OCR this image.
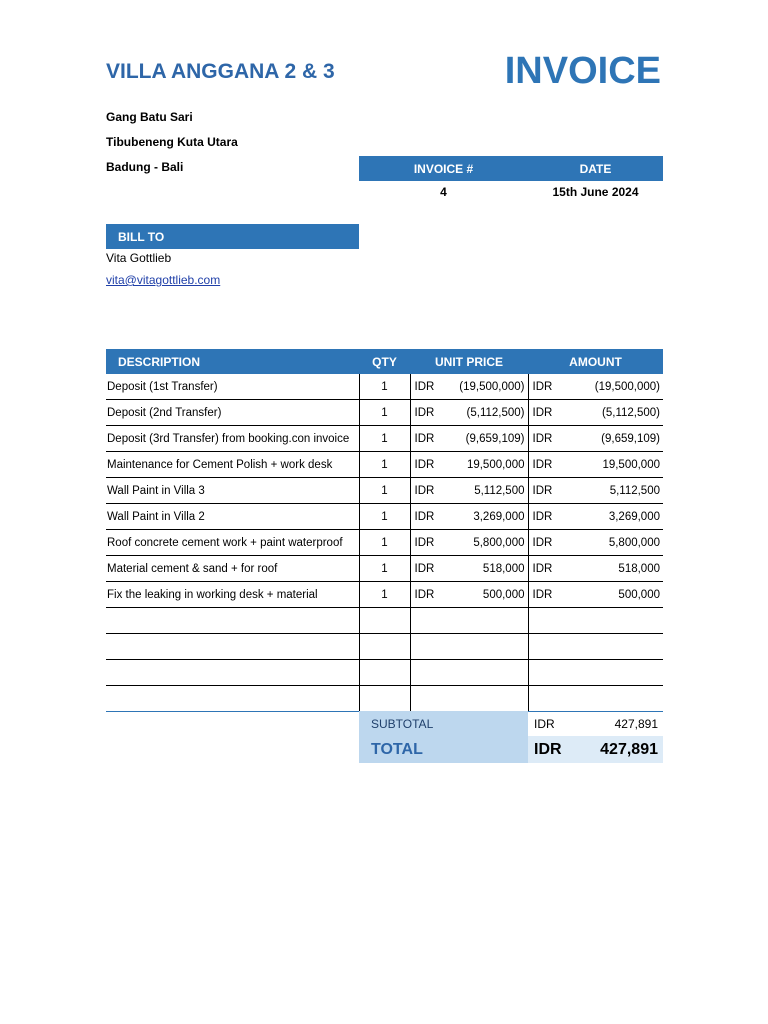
VILLA ANGGANA 2 & 3	INVOICE
Gang Batu Sari
Tibubeneng Kuta Utara
Badung - Bali	INVOICE #	DATE
4	15th June 2024
BILL TO
Vita Gottlieb
vita@vitagottlieb.com
DESCRIPTION	QTY	UNIT PRICE	AMOUNT
Deposit (1st Transfer)	1	IDR (19,500,000)	IDR (19,500,000)

Deposit (2nd Transfer)	1	IDR (5,112,500)	IDR (5,112,500)

Deposit (3rd Transfer) from booking.con invoice	1	IDR (9,659,109)	IDR (9,659,109)

Maintenance for Cement Polish + work desk	1	IDR 19,500,000	IDR 19,500,000

Wall Paint in Villa 3	1	IDR 5,112,500	IDR 5,112,500

Wall Paint in Villa 2	1	IDR 3,269,000	IDR 3,269,000

Roof concrete cement work + paint waterproof	1	IDR 5,800,000	IDR 5,800,000

Material cement & sand + for roof	1	IDR 518,000	IDR 518,000

Fix the leaking in working desk + material	1	IDR 500,000	IDR 500,000

SUBTOTAL	IDR	427,891
TOTAL	IDR 427,891
